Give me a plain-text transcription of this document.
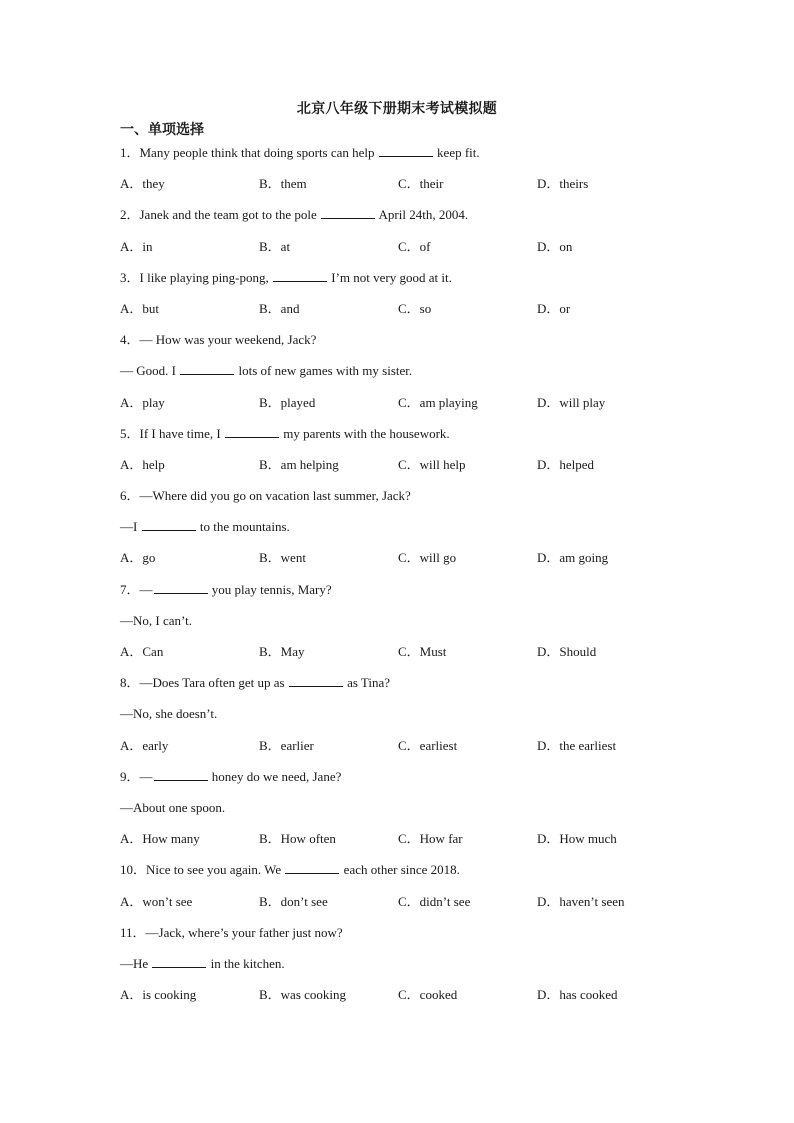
北京八年级下册期末考试模拟题
一、单项选择
1．Many people think that doing sports can help	keep fit.
A．they	B．them	C．their	D．theirs
2．Janek and the team got to the pole	April 24th, 2004.
A．in	B．at	C．of	D．on
3．I like playing ping-pong,	I’m not very good at it.
A．but	B．and	C．so	D．or
4．— How was your weekend, Jack?
— Good. I	lots of new games with my sister.
A．play	B．played	C．am playing	D．will play
5．If I have time, I	my parents with the housework.
A．help	B．am helping	C．will help	D．helped
6．—Where did you go on vacation last summer, Jack?
—I	to the mountains.
A．go	B．went	C．will go	D．am going
7．—	you play tennis, Mary?
—No, I can’t.
A．Can	B．May	C．Must	D．Should
8．—Does Tara often get up as	as Tina?
—No, she doesn’t.
A．early	B．earlier	C．earliest	D．the earliest
9．—	honey do we need, Jane?
—About one spoon.
A．How many	B．How often	C．How far	D．How much
10．Nice to see you again. We	each other since 2018.
A．won’t see	B．don’t see	C．didn’t see	D．haven’t seen
11．—Jack, where’s your father just now?
—He	in the kitchen.
A．is cooking	B．was cooking	C．cooked	D．has cooked
